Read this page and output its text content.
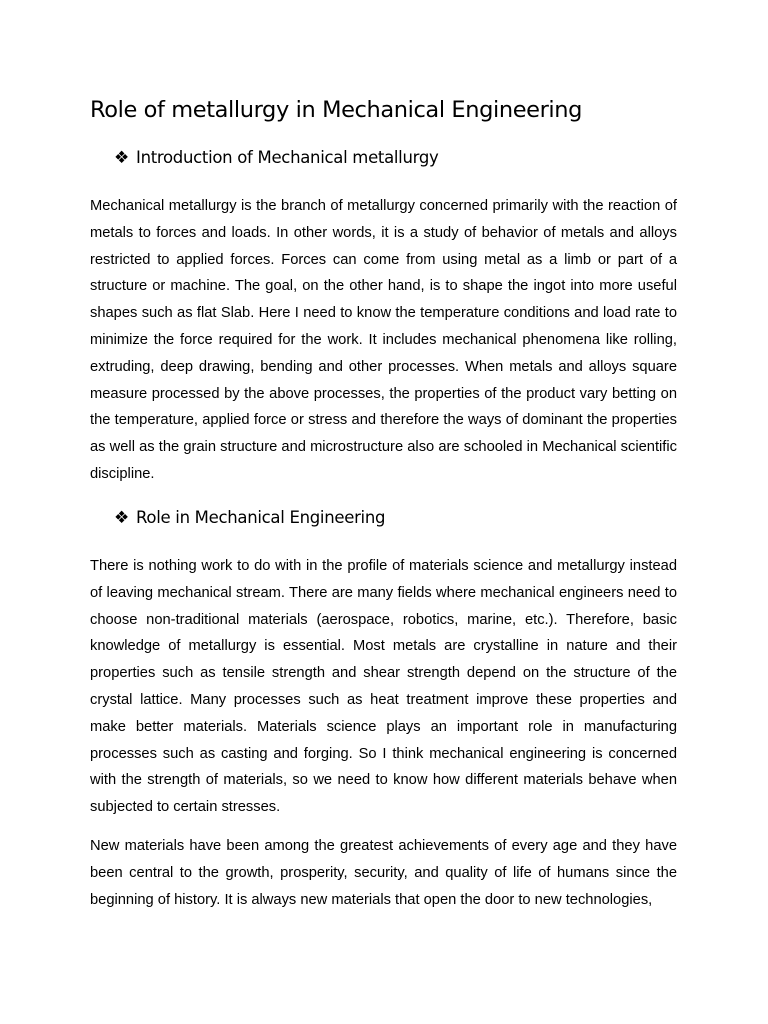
Role of metallurgy in Mechanical Engineering
❖ Introduction of Mechanical metallurgy

Mechanical metallurgy is the branch of metallurgy concerned primarily with the reaction of metals to forces and loads. In other words, it is a study of behavior of metals and alloys restricted to applied forces. Forces can come from using metal as a limb or part of a structure or machine. The goal, on the other hand, is to shape the ingot into more useful shapes such as flat Slab. Here I need to know the temperature conditions and load rate to minimize the force required for the work. It includes mechanical phenomena like rolling, extruding, deep drawing, bending and other processes. When metals and alloys square measure processed by the above processes, the properties of the product vary betting on the temperature, applied force or stress and therefore the ways of dominant the properties as well as the grain structure and microstructure also are schooled in Mechanical scientific discipline.

❖ Role in Mechanical Engineering

There is nothing work to do with in the profile of materials science and metallurgy instead of leaving mechanical stream. There are many fields where mechanical engineers need to choose non-traditional materials (aerospace, robotics, marine, etc.). Therefore, basic knowledge of metallurgy is essential. Most metals are crystalline in nature and their properties such as tensile strength and shear strength depend on the structure of the crystal lattice. Many processes such as heat treatment improve these properties and make better materials. Materials science plays an important role in manufacturing processes such as casting and forging. So I think mechanical engineering is concerned with the strength of materials, so we need to know how different materials behave when subjected to certain stresses.

New materials have been among the greatest achievements of every age and they have been central to the growth, prosperity, security, and quality of life of humans since the beginning of history. It is always new materials that open the door to new technologies,
